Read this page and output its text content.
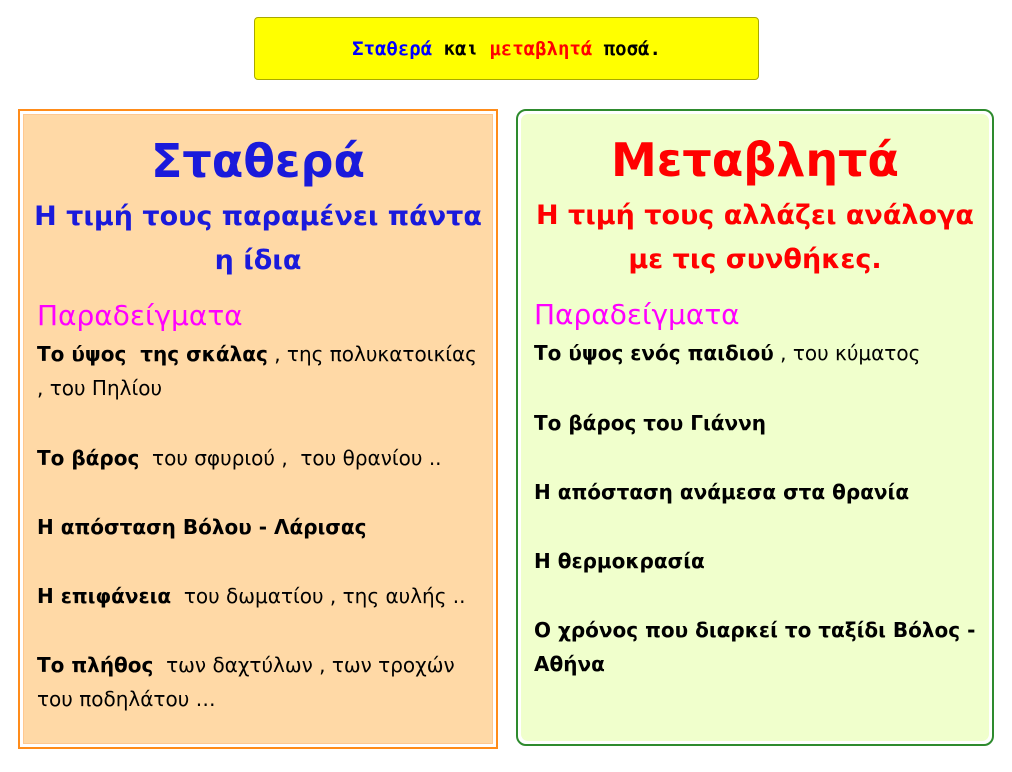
Σταθερά και μεταβλητά ποσά.
Σταθερά
Η τιμή τους παραμένει πάντα η ίδια
Παραδείγματα
Το ύψος  της σκάλας , της πολυκατοικίας , του Πηλίου
Το βάρος  του σφυριού ,  του θρανίου ..
Η απόσταση Βόλου - Λάρισας
Η επιφάνεια  του δωματίου , της αυλής ..
Το πλήθος  των δαχτύλων , των τροχών του ποδηλάτου …
Μεταβλητά
Η τιμή τους αλλάζει ανάλογα με τις συνθήκες.
Παραδείγματα
Το ύψος ενός παιδιού , του κύματος
Το βάρος του Γιάννη
Η απόσταση ανάμεσα στα θρανία
Η θερμοκρασία
Ο χρόνος που διαρκεί το ταξίδι Βόλος - Αθήνα
